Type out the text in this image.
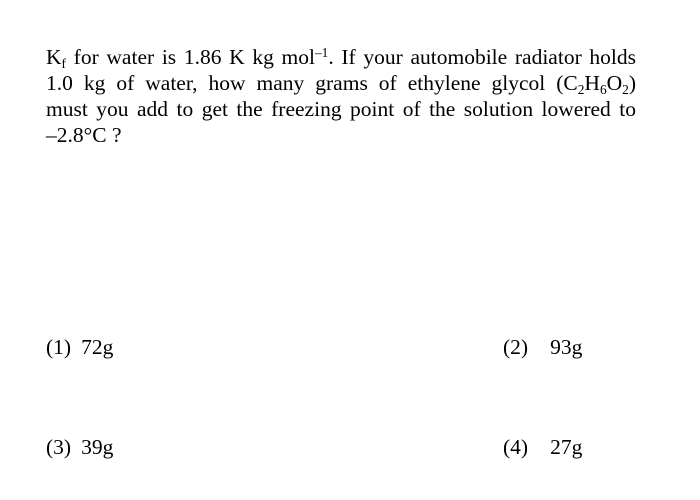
$K_f$ for water is 1.86 K kg mol$^{-1}$. If your automobile radiator holds
1.0 kg of water, how many grams of ethylene glycol $(C_2H_6O_2)$
must you add to get the freezing point of the solution lowered to
–2.8°C ?
(1) 72g	(2) 93g
(3) 39g	(4) 27g
